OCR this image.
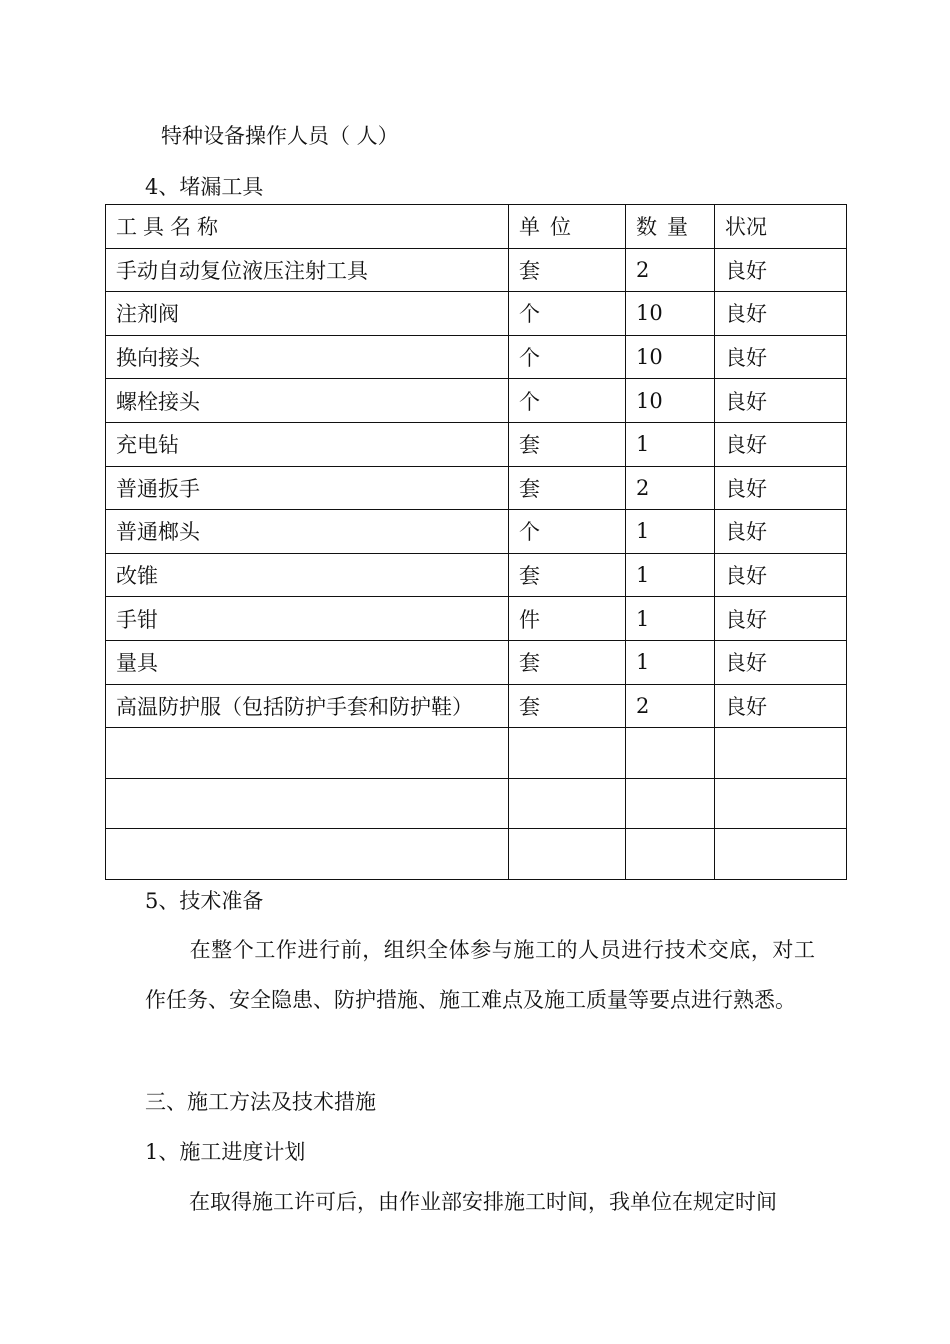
特种设备操作人员（ 人）
4、堵漏工具
工具名称	单位	数量	状况
手动自动复位液压注射工具	套	2	良好
注剂阀	个	10	良好
换向接头	个	10	良好
螺栓接头	个	10	良好
充电钻	套	1	良好
普通扳手	套	2	良好
普通榔头	个	1	良好
改锥	套	1	良好
手钳	件	1	良好
量具	套	1	良好
高温防护服（包括防护手套和防护鞋）	套	2	良好

5、技术准备
在整个工作进行前，组织全体参与施工的人员进行技术交底，对工作任务、安全隐患、防护措施、施工难点及施工质量等要点进行熟悉。
三、施工方法及技术措施
1、施工进度计划
在取得施工许可后，由作业部安排施工时间，我单位在规定时间
